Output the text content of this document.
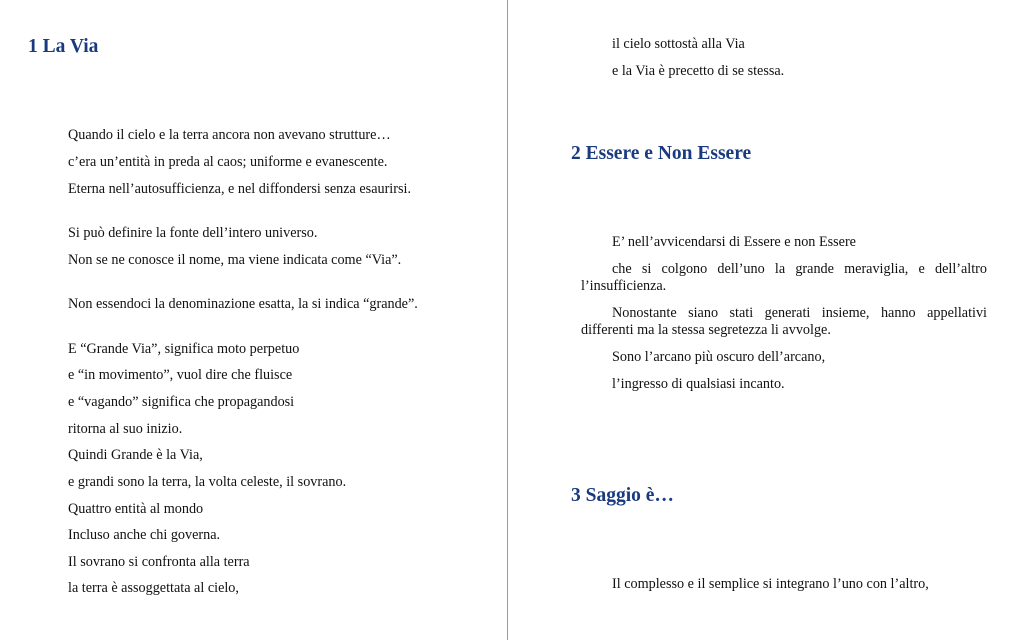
1 La Via
Quando il cielo e la terra ancora non avevano strutture…
c’era un’entità in preda al caos; uniforme e evanescente.
Eterna nell’autosufficienza, e nel diffondersi senza esaurirsi.
Si può definire la fonte dell’intero universo.
Non se ne conosce il nome, ma viene indicata come “Via”.
Non essendoci la denominazione esatta, la si indica “grande”.
E “Grande Via”, significa moto perpetuo
e “in movimento”, vuol dire che fluisce
e “vagando” significa che propagandosi
ritorna al suo inizio.
Quindi Grande è la Via,
e grandi sono la terra, la volta celeste, il sovrano.
Quattro entità al mondo
Incluso anche chi governa.
Il sovrano si confronta alla terra
la terra è assoggettata al cielo,
il cielo sottostà alla Via
e la Via è precetto di se stessa.
2 Essere e Non Essere
E’ nell’avvicendarsi di Essere e non Essere
che si colgono dell’uno la grande meraviglia, e dell’altro l’insufficienza.
Nonostante siano stati generati insieme, hanno appellativi differenti ma la stessa segretezza li avvolge.
Sono l’arcano più oscuro dell’arcano,
l’ingresso di qualsiasi incanto.
3 Saggio è…
Il complesso e il semplice si integrano l’uno con l’altro,
